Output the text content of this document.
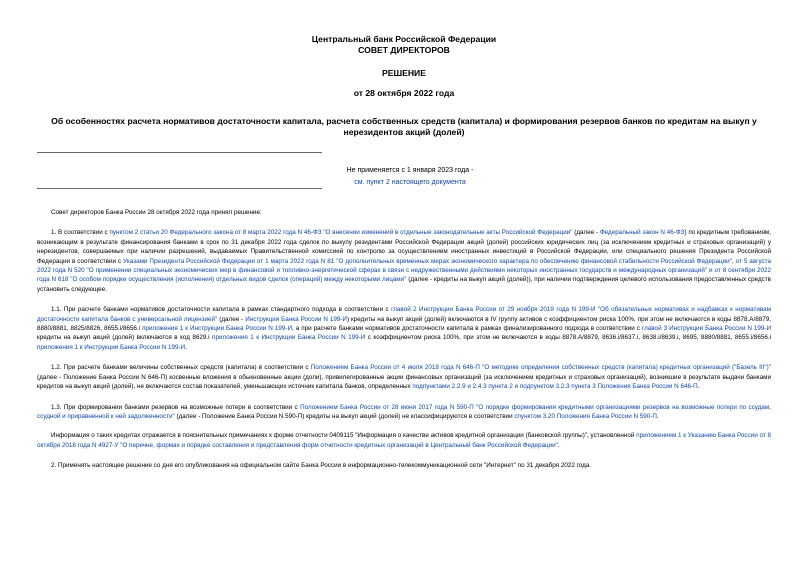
Центральный банк Российской Федерации
СОВЕТ ДИРЕКТОРОВ
РЕШЕНИЕ
от 28 октября 2022 года
Об особенностях расчета нормативов достаточности капитала, расчета собственных средств (капитала) и формирования резервов банков по кредитам на выкуп у нерезидентов акций (долей)
Не применяется с 1 января 2023 года -
см. пункт 2 настоящего документа

Совет директоров Банка России 28 октября 2022 года принял решение:

1. В соответствии с пунктом 2 статьи 20 Федерального закона от 8 марта 2022 года N 46-ФЗ "О внесении изменений в отдельные законодательные акты Российской Федерации" (далее - Федеральный закон N 46-ФЗ) по кредитным требованиям, возникающим в результате финансирования банками в срок по 31 декабря 2022 года сделок по выкупу резидентами Российской Федерации акций (долей) российских юридических лиц (за исключением кредитных и страховых организаций) у нерезидентов, совершаемых при наличии разрешений, выдаваемых Правительственной комиссией по контролю за осуществлением иностранных инвестиций в Российской Федерации, или специального решения Президента Российской Федерации в соответствии с Указами Президента Российской Федерации от 1 марта 2022 года N 81 "О дополнительных временных мерах экономического характера по обеспечению финансовой стабильности Российской Федерации", от 5 августа 2022 года N 520 "О применении специальных экономических мер в финансовой и топливно-энергетической сферах в связи с недружественными действиями некоторых иностранных государств и международных организаций" и от 8 сентября 2022 года N 618 "О особом порядке осуществления (исполнения) отдельных видов сделок (операций) между некоторыми лицами" (далее - кредиты на выкуп акций (долей)), при наличии подтверждения целевого использования предоставленных средств установить следующее.

1.1. При расчете банками нормативов достаточности капитала в рамках стандартного подхода в соответствии с главой 2 Инструкции Банка России от 29 ноября 2019 года N 199-И "Об обязательных нормативах и надбавках к нормативам достаточности капитала банков с универсальной лицензией" (далее - Инструкция Банка России N 199-И) кредиты на выкуп акций (долей) включаются в IV группу активов с коэффициентом риска 100%, при этом не включаются в коды 8878.А/8879, 8880/8881, 8825/8826, 8655.i/8656.i приложения 1 к Инструкции Банка России N 199-И, а при расчете банками нормативов достаточности капитала в рамках финализированного подхода в соответствии с главой 3 Инструкции Банка России N 199-И кредиты на выкуп акций (долей) включаются в код 8629.i приложения 1 к Инструкции Банка России N 199-И с коэффициентом риска 100%, при этом не включаются в коды 8878.А/8879, 8636.i/8637.i, 8638.i/8639.i, 8695, 8880/8881, 8655.i/8656.i приложения 1 к Инструкции Банка России N 199-И.

1.2. При расчете банками величины собственных средств (капитала) в соответствии с Положением Банка России от 4 июля 2018 года N 646-П "О методике определения собственных средств (капитала) кредитных организаций ("Базель III")" (далее - Положение Банка России N 646-П) косвенные вложения в обыкновенные акции (доли), привилегированные акции финансовых организаций (за исключением кредитных и страховых организаций), возникшие в результате выдачи банками кредитов на выкуп акций (долей), не включаются состав показателей, уменьшающих источник капитала банков, определенных подпунктами 2.2.9 и 2.4.3 пункта 2 и подпунктом 3.2.3 пункта 3 Положения Банка России N 646-П.

1.3. При формировании банками резервов на возможные потери в соответствии с Положением Банка России от 28 июня 2017 года N 590-П "О порядке формирования кредитными организациями резервов на возможные потери по ссудам, ссудной и приравненной к ней задолженности" (далее - Положение Банка России N 590-П) кредиты на выкуп акций (долей) не классифицируются в соответствии спунктом 3.20 Положения Банка России N 590-П.

Информация о таких кредитах отражается в пояснительных примечаниях к форме отчетности 0409115 "Информация о качестве активов кредитной организации (банковской группы)", установленной приложением 1 к Указанию Банка России от 8 октября 2018 года N 4927-У "О перечне, формах и порядке составления и представления форм отчетности кредитных организаций в Центральный банк Российской Федерации".

2. Применять настоящее решение со дня его опубликования на официальном сайте Банка России в информационно-телекоммуникационной сети "Интернет" по 31 декабря 2022 года.
